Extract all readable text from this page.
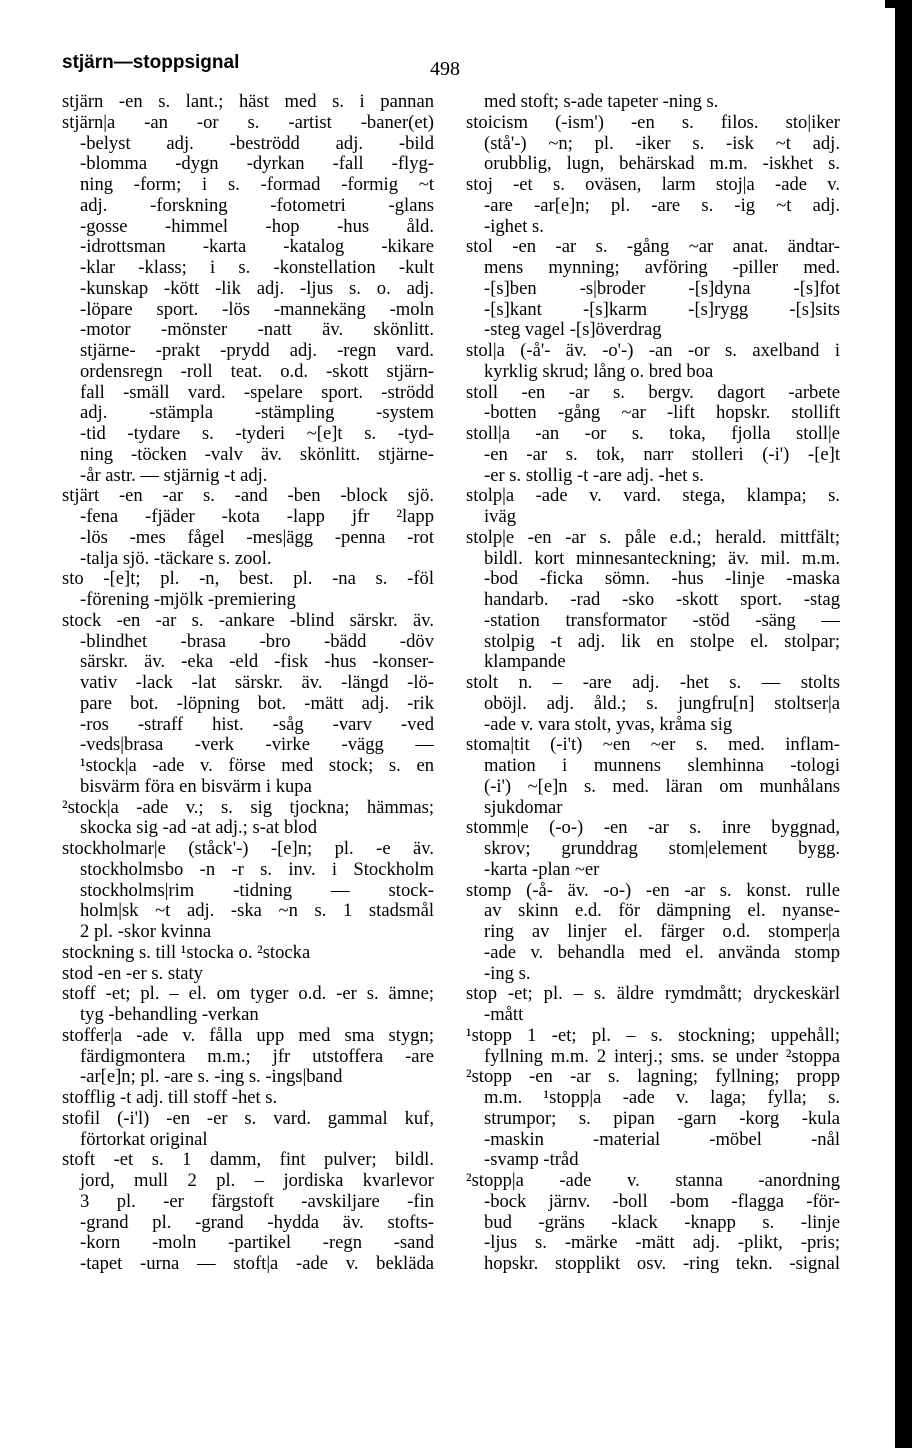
stjärn—stoppsignal	498
stjärn -en s. lant.; häst med s. i pannan
stjärn|a -an -or s. -artist -baner(et)
-belyst adj. -beströdd adj. -bild
-blomma -dygn -dyrkan -fall -flyg-
ning -form; i s. -formad -formig ~t
adj. -forskning -fotometri -glans
-gosse -himmel -hop -hus åld.
-idrottsman -karta -katalog -kikare
-klar -klass; i s. -konstellation -kult
-kunskap -kött -lik adj. -ljus s. o. adj.
-löpare sport. -lös -mannekäng -moln
-motor -mönster -natt äv. skönlitt.
stjärne- -prakt -prydd adj. -regn vard.
ordensregn -roll teat. o.d. -skott stjärn-
fall -smäll vard. -spelare sport. -strödd
adj. -stämpla -stämpling -system
-tid -tydare s. -tyderi ~[e]t s. -tyd-
ning -töcken -valv äv. skönlitt. stjärne-
-år astr. — stjärnig -t adj.
stjärt -en -ar s. -and -ben -block sjö.
-fena -fjäder -kota -lapp jfr ²lapp
-lös -mes fågel -mes|ägg -penna -rot
-talja sjö. -täckare s. zool.
sto -[e]t; pl. -n, best. pl. -na s. -föl
-förening -mjölk -premiering
stock -en -ar s. -ankare -blind särskr. äv.
-blindhet -brasa -bro -bädd -döv
särskr. äv. -eka -eld -fisk -hus -konser-
vativ -lack -lat särskr. äv. -längd -lö-
pare bot. -löpning bot. -mätt adj. -rik
-ros -straff hist. -såg -varv -ved
-veds|brasa -verk -virke -vägg —
¹stock|a -ade v. förse med stock; s. en
bisvärm föra en bisvärm i kupa
²stock|a -ade v.; s. sig tjockna; hämmas;
skocka sig -ad -at adj.; s-at blod
stockholmar|e (ståck'-) -[e]n; pl. -e äv.
stockholmsbo -n -r s. inv. i Stockholm
stockholms|rim -tidning — stock-
holm|sk ~t adj. -ska ~n s. 1 stadsmål
2 pl. -skor kvinna
stockning s. till ¹stocka o. ²stocka
stod -en -er s. staty
stoff -et; pl. – el. om tyger o.d. -er s. ämne;
tyg -behandling -verkan
stoffer|a -ade v. fålla upp med sma stygn;
färdigmontera m.m.; jfr utstoffera -are
-ar[e]n; pl. -are s. -ing s. -ings|band
stofflig -t adj. till stoff -het s.
stofil (-i'l) -en -er s. vard. gammal kuf,
förtorkat original
stoft -et s. 1 damm, fint pulver; bildl.
jord, mull 2 pl. – jordiska kvarlevor
3 pl. -er färgstoft -avskiljare -fin
-grand pl. -grand -hydda äv. stofts-
-korn -moln -partikel -regn -sand
-tapet -urna — stoft|a -ade v. bekläda
med stoft; s-ade tapeter -ning s.
stoicism (-ism') -en s. filos. sto|iker
(stå'-) ~n; pl. -iker s. -isk ~t adj.
orubblig, lugn, behärskad m.m. -iskhet s.
stoj -et s. oväsen, larm stoj|a -ade v.
-are -ar[e]n; pl. -are s. -ig ~t adj.
-ighet s.
stol -en -ar s. -gång ~ar anat. ändtar-
mens mynning; avföring -piller med.
-[s]ben -s|broder -[s]dyna -[s]fot
-[s]kant -[s]karm -[s]rygg -[s]sits
-steg vagel -[s]överdrag
stol|a (-å'- äv. -o'-) -an -or s. axelband i
kyrklig skrud; lång o. bred boa
stoll -en -ar s. bergv. dagort -arbete
-botten -gång ~ar -lift hopskr. stollift
stoll|a -an -or s. toka, fjolla stoll|e
-en -ar s. tok, narr stolleri (-i') -[e]t
-er s. stollig -t -are adj. -het s.
stolp|a -ade v. vard. stega, klampa; s.
iväg
stolp|e -en -ar s. påle e.d.; herald. mittfält;
bildl. kort minnesanteckning; äv. mil. m.m.
-bod -ficka sömn. -hus -linje -maska
handarb. -rad -sko -skott sport. -stag
-station transformator -stöd -säng —
stolpig -t adj. lik en stolpe el. stolpar;
klampande
stolt n. – -are adj. -het s. — stolts
oböjl. adj. åld.; s. jungfru[n] stoltser|a
-ade v. vara stolt, yvas, kråma sig
stoma|tit (-i't) ~en ~er s. med. inflam-
mation i munnens slemhinna -tologi
(-i') ~[e]n s. med. läran om munhålans
sjukdomar
stomm|e (-o-) -en -ar s. inre byggnad,
skrov; grunddrag stom|element bygg.
-karta -plan ~er
stomp (-å- äv. -o-) -en -ar s. konst. rulle
av skinn e.d. för dämpning el. nyanse-
ring av linjer el. färger o.d. stomper|a
-ade v. behandla med el. använda stomp
-ing s.
stop -et; pl. – s. äldre rymdmått; dryckeskärl
-mått
¹stopp 1 -et; pl. – s. stockning; uppehåll;
fyllning m.m. 2 interj.; sms. se under ²stoppa
²stopp -en -ar s. lagning; fyllning; propp
m.m. ¹stopp|a -ade v. laga; fylla; s.
strumpor; s. pipan -garn -korg -kula
-maskin -material -möbel -nål
-svamp -tråd
²stopp|a -ade v. stanna -anordning
-bock järnv. -boll -bom -flagga -för-
bud -gräns -klack -knapp s. -linje
-ljus s. -märke -mätt adj. -plikt, -pris;
hopskr. stopplikt osv. -ring tekn. -signal
